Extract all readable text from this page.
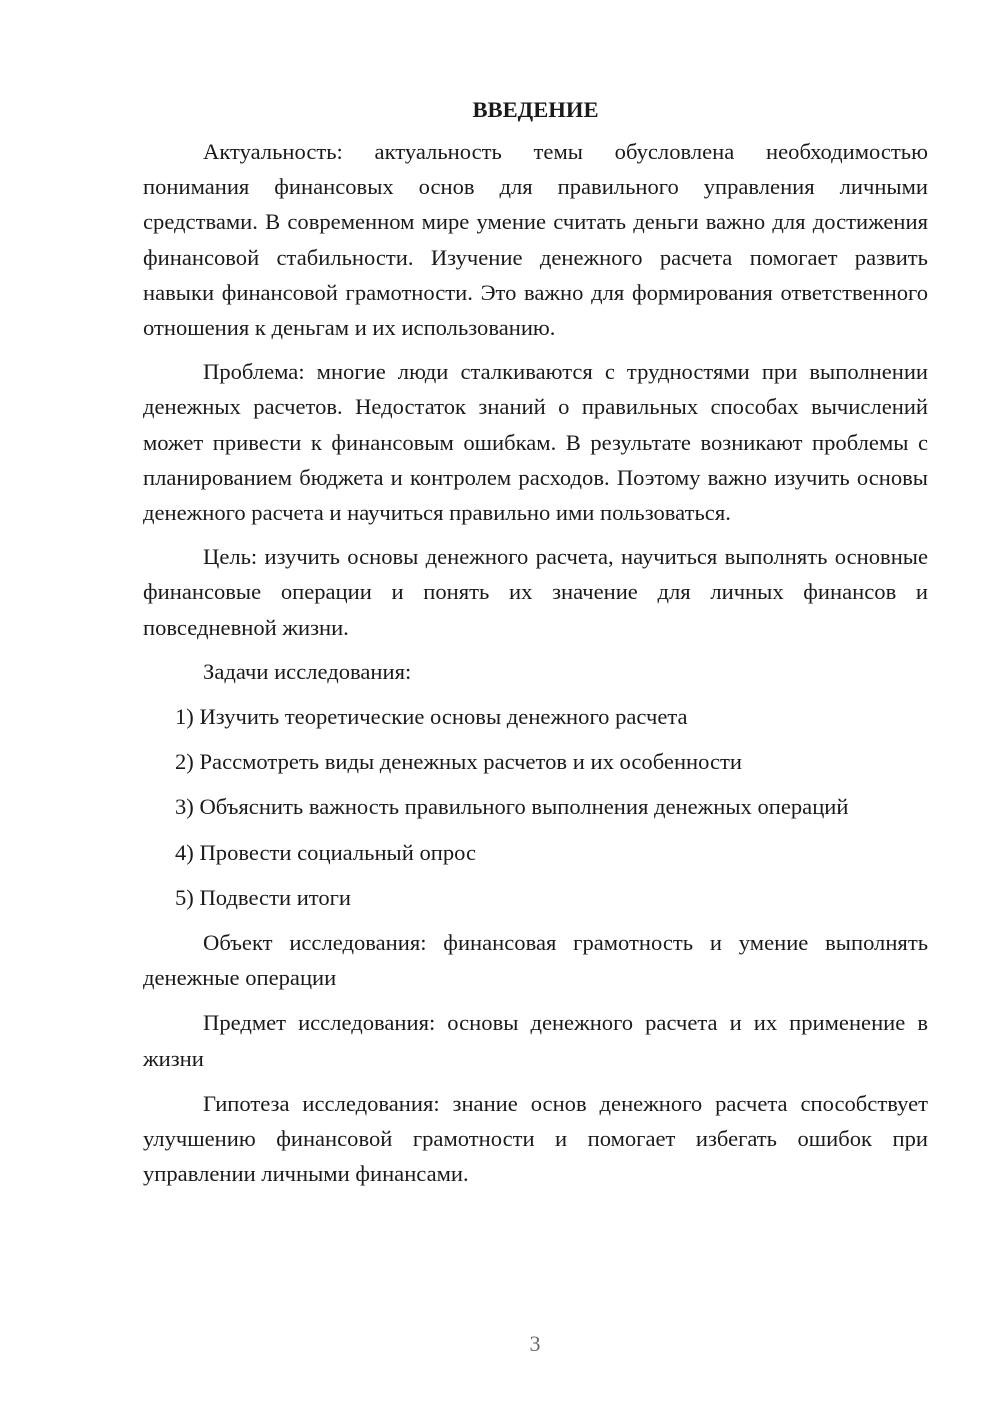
ВВЕДЕНИЕ

Актуальность: актуальность темы обусловлена необходимостью понимания финансовых основ для правильного управления личными средствами. В современном мире умение считать деньги важно для достижения финансовой стабильности. Изучение денежного расчета помогает развить навыки финансовой грамотности. Это важно для формирования ответственного отношения к деньгам и их использованию.

Проблема: многие люди сталкиваются с трудностями при выполнении денежных расчетов. Недостаток знаний о правильных способах вычислений может привести к финансовым ошибкам. В результате возникают проблемы с планированием бюджета и контролем расходов. Поэтому важно изучить основы денежного расчета и научиться правильно ими пользоваться.

Цель: изучить основы денежного расчета, научиться выполнять основные финансовые операции и понять их значение для личных финансов и повседневной жизни.

Задачи исследования:

1) Изучить теоретические основы денежного расчета
2) Рассмотреть виды денежных расчетов и их особенности
3) Объяснить важность правильного выполнения денежных операций
4) Провести социальный опрос
5) Подвести итоги

Объект исследования: финансовая грамотность и умение выполнять денежные операции

Предмет исследования: основы денежного расчета и их применение в жизни

Гипотеза исследования: знание основ денежного расчета способствует улучшению финансовой грамотности и помогает избегать ошибок при управлении личными финансами.

3
